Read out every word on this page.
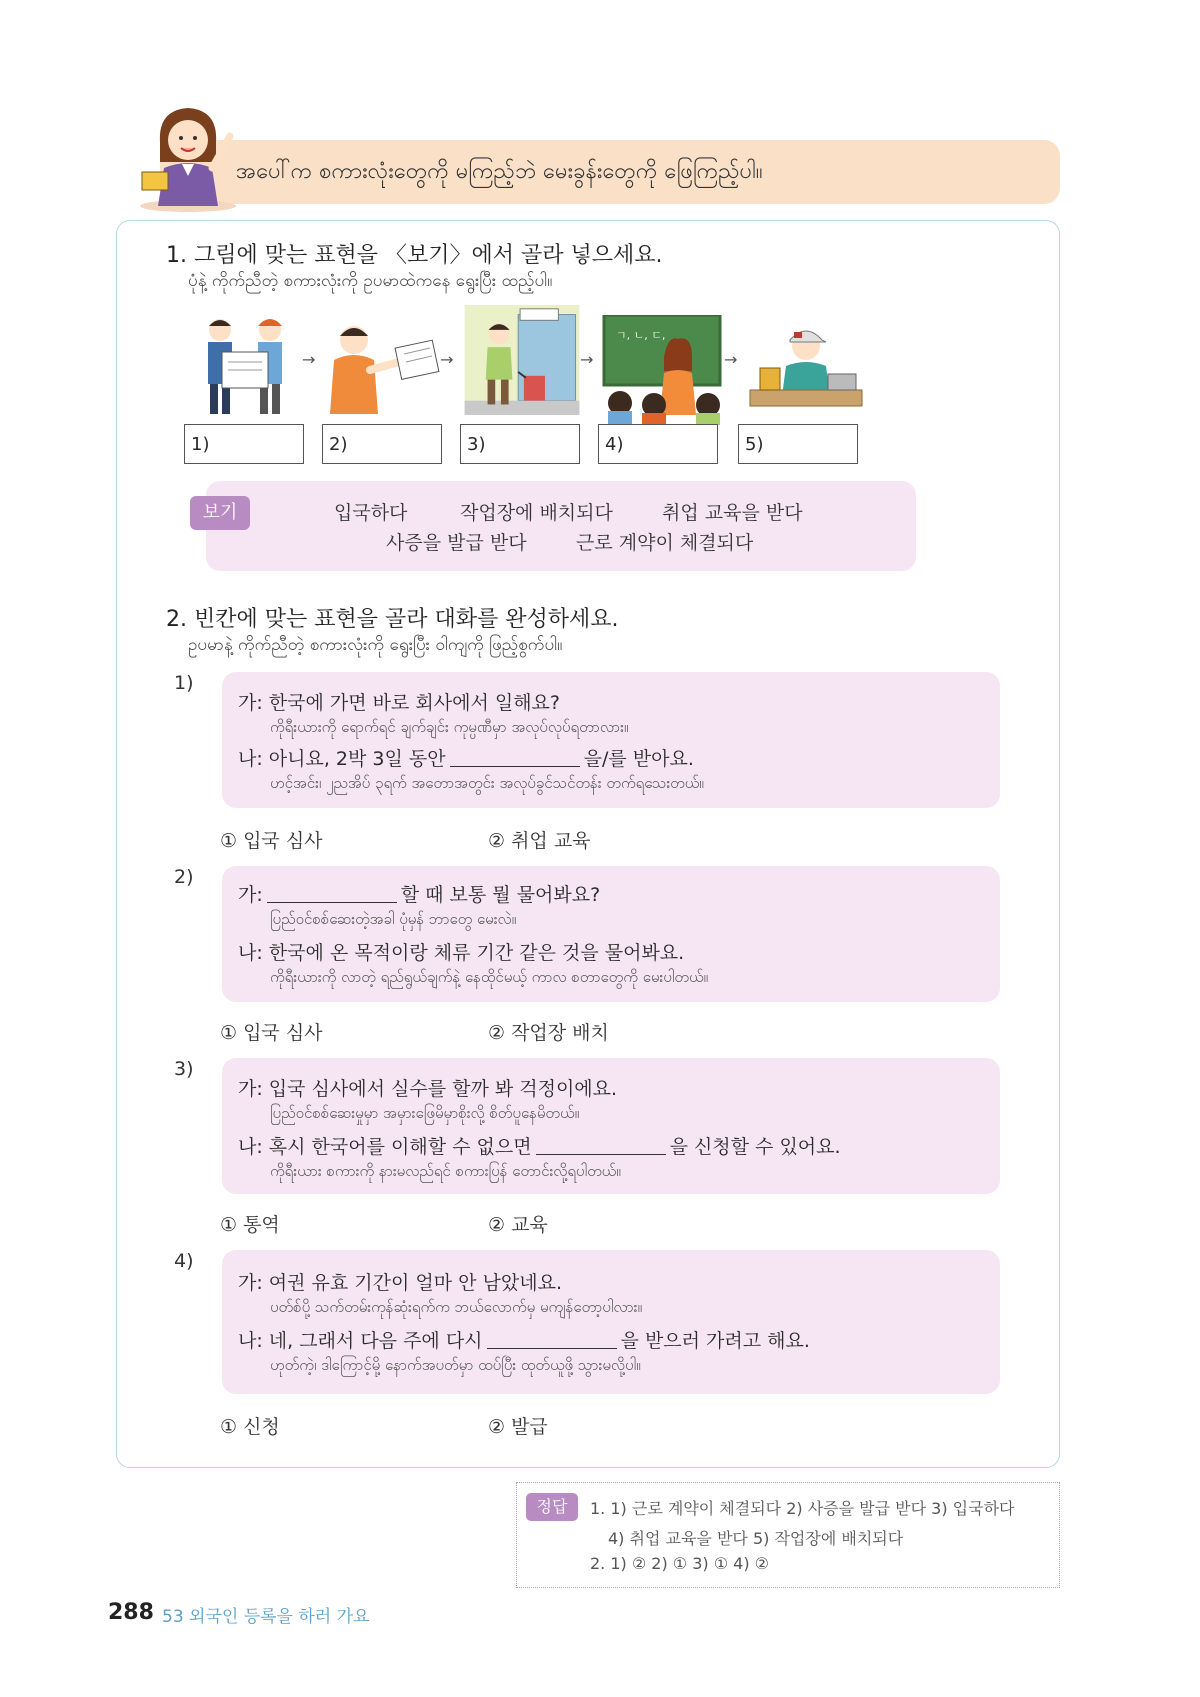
အပေါ်က စကားလုံးတွေကို မကြည့်ဘဲ မေးခွန်းတွေကို ဖြေကြည့်ပါ။
1. 그림에 맞는 표현을 〈보기〉에서 골라 넣으세요.
ပုံနဲ့ ကိုက်ညီတဲ့ စကားလုံးကို ဥပမာထဲကနေ ရွေးပြီး ထည့်ပါ။
→	→	→
ㄱ, ㄴ, ㄷ,
→
1)	2)	3)	4)	5)
보기	입국하다	작업장에 배치되다	취업 교육을 받다
사증을 발급 받다	근로 계약이 체결되다
2. 빈칸에 맞는 표현을 골라 대화를 완성하세요.
ဥပမာနဲ့ ကိုက်ညီတဲ့ စကားလုံးကို ရွေးပြီး ဝါကျကို ဖြည့်စွက်ပါ။
1)
가: 한국에 가면 바로 회사에서 일해요?
ကိုရီးယားကို ရောက်ရင် ချက်ချင်း ကုမ္ပဏီမှာ အလုပ်လုပ်ရတာလား။
나: 아니요, 2박 3일 동안	을/를 받아요.
ဟင့်အင်း၊ ၂ညအိပ် ၃ရက် အတောအတွင်း အလုပ်ခွင်သင်တန်း တက်ရသေးတယ်။
① 입국 심사	② 취업 교육
2)
가:	할 때 보통 뭘 물어봐요?
ပြည်ဝင်စစ်ဆေးတဲ့အခါ ပုံမှန် ဘာတွေ မေးလဲ။
나: 한국에 온 목적이랑 체류 기간 같은 것을 물어봐요.
ကိုရီးယားကို လာတဲ့ ရည်ရွယ်ချက်နဲ့ နေထိုင်မယ့် ကာလ စတာတွေကို မေးပါတယ်။
① 입국 심사	② 작업장 배치
3)
가: 입국 심사에서 실수를 할까 봐 걱정이에요.
ပြည်ဝင်စစ်ဆေးမှုမှာ အမှားဖြေမိမှာစိုးလို့ စိတ်ပူနေမိတယ်။
나: 혹시 한국어를 이해할 수 없으면	을 신청할 수 있어요.
ကိုရီးယား စကားကို နားမလည်ရင် စကားပြန် တောင်းလို့ရပါတယ်။
① 통역	② 교육
4)
가: 여권 유효 기간이 얼마 안 남았네요.
ပတ်စ်ပို့ သက်တမ်းကုန်ဆုံးရက်က ဘယ်လောက်မှ မကျန်တော့ပါလား။
나: 네, 그래서 다음 주에 다시	을 받으러 가려고 해요.
ဟုတ်ကဲ့၊ ဒါကြောင့်မို့ နောက်အပတ်မှာ ထပ်ပြီး ထုတ်ယူဖို့ သွားမလို့ပါ။
① 신청	② 발급
정답	1. 1) 근로 계약이 체결되다 2) 사증을 발급 받다 3) 입국하다
4) 취업 교육을 받다 5) 작업장에 배치되다
2. 1) ② 2) ① 3) ① 4) ②
288 53 외국인 등록을 하러 가요
